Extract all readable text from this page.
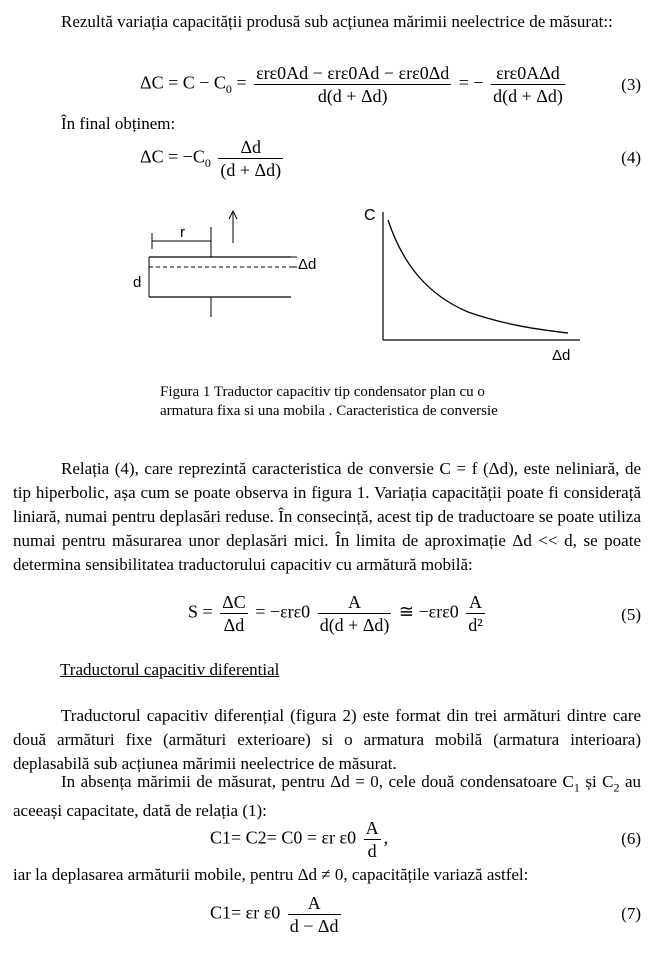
Rezultă variația capacității produsă sub acțiunea mărimii neelectrice de măsurat::
$\Delta C = C - C_0 = \frac{\text{εrε0Ad − εrε0Ad − εrε0Δd}}{d(d + \Delta d)}$ = − $\frac{\text{εrε0AΔd}}{d(d + \Delta d)}$	(3)
În final obținem:
$\Delta C = -C_0 \frac{\Delta d}{(d + \Delta d)}$	(4)
r
Δd
d
C
Δd
Figura 1 Traductor capacitiv tip condensator plan cu o
armatura fixa si una mobila . Caracteristica de conversie
Relația (4), care reprezintă caracteristica de conversie C = f (Δd), este neliniară, de tip hiperbolic, așa cum se poate observa in figura 1. Variația capacității poate fi considerață liniară, numai pentru deplasări reduse. În consecință, acest tip de traductoare se poate utiliza numai pentru măsurarea unor deplasări mici. În limita de aproximație Δd << d, se poate determina sensibilitatea traductorului capacitiv cu armătură mobilă:
$S = \frac{\Delta C}{\Delta d} = -\varepsilon r\varepsilon 0 \frac{A}{d(d + \Delta d)}$ ≅ $-\varepsilon r\varepsilon 0 \frac{A}{\text{d²}}$	(5)
Traductorul capacitiv diferential
Traductorul capacitiv diferențial (figura 2) este format din trei armături dintre care două armături fixe (armături exterioare) si o armatura mobilă (armatura interioara) deplasabilă sub acțiunea mărimii neelectrice de măsurat.
In absența mărimii de măsurat, pentru Δd = 0, cele două condensatoare $C_1$ și $C_2$ au aceeași capacitate, dată de relația (1):
C1= C2= C0 = εr $\varepsilon 0 \frac{A}{d}$ ,	(6)
iar la deplasarea armăturii mobile, pentru Δd ≠ 0, capacitățile variază astfel:
C1= εr $\varepsilon 0 \frac{A}{d - \Delta d}$	(7)
